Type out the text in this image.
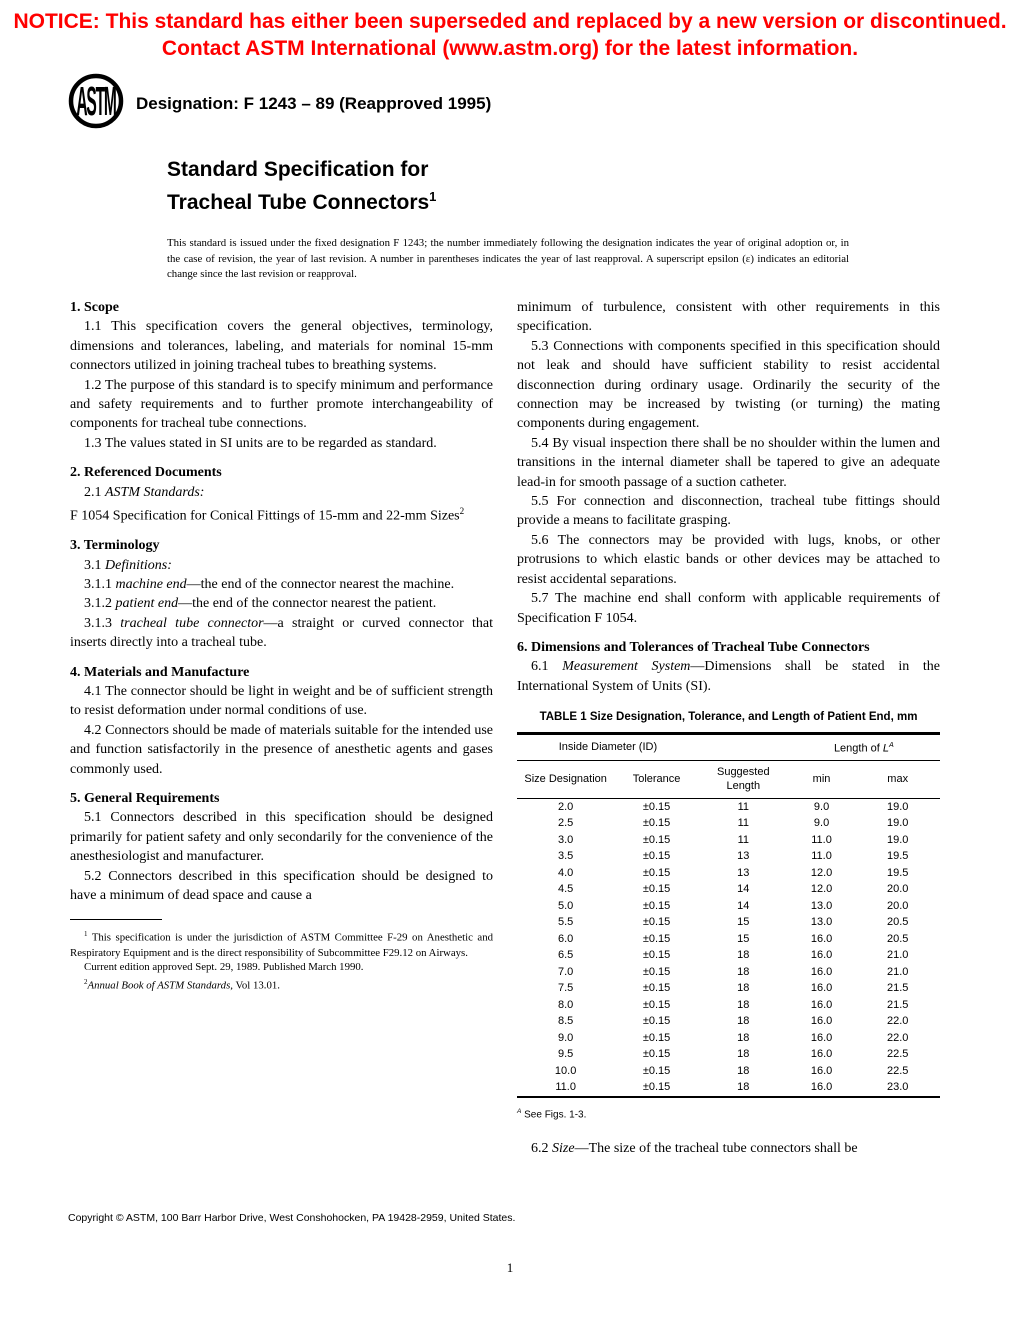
NOTICE: This standard has either been superseded and replaced by a new version or discontinued.
Contact ASTM International (www.astm.org) for the latest information.
ASTM Designation: F 1243 – 89 (Reapproved 1995)
Standard Specification for
Tracheal Tube Connectors$^1$

This standard is issued under the fixed designation F 1243; the number immediately following the designation indicates the year of original adoption or, in the case of revision, the year of last revision. A number in parentheses indicates the year of last reapproval. A superscript epsilon (ε) indicates an editorial change since the last revision or reapproval.

1. Scope

1.1 This specification covers the general objectives, terminology, dimensions and tolerances, labeling, and materials for nominal 15-mm connectors utilized in joining tracheal tubes to breathing systems.

1.2 The purpose of this standard is to specify minimum and performance and safety requirements and to further promote interchangeability of components for tracheal tube connections.

1.3 The values stated in SI units are to be regarded as standard.

2. Referenced Documents

2.1 ASTM Standards:

F 1054 Specification for Conical Fittings of 15-mm and 22-mm Sizes$^2$

3. Terminology

3.1 Definitions:

3.1.1 machine end—the end of the connector nearest the machine.

3.1.2 patient end—the end of the connector nearest the patient.

3.1.3 tracheal tube connector—a straight or curved connector that inserts directly into a tracheal tube.

4. Materials and Manufacture

4.1 The connector should be light in weight and be of sufficient strength to resist deformation under normal conditions of use.

4.2 Connectors should be made of materials suitable for the intended use and function satisfactorily in the presence of anesthetic agents and gases commonly used.

5. General Requirements

5.1 Connectors described in this specification should be designed primarily for patient safety and only secondarily for the convenience of the anesthesiologist and manufacturer.

5.2 Connectors described in this specification should be designed to have a minimum of dead space and cause a

$^1$ This specification is under the jurisdiction of ASTM Committee F-29 on Anesthetic and Respiratory Equipment and is the direct responsibility of Subcommittee F29.12 on Airways.

Current edition approved Sept. 29, 1989. Published March 1990.

$^2$Annual Book of ASTM Standards, Vol 13.01.

minimum of turbulence, consistent with other requirements in this specification.

5.3 Connections with components specified in this specification should not leak and should have sufficient stability to resist accidental disconnection during ordinary usage. Ordinarily the security of the connection may be increased by twisting (or turning) the mating components during engagement.

5.4 By visual inspection there shall be no shoulder within the lumen and transitions in the internal diameter shall be tapered to give an adequate lead-in for smooth passage of a suction catheter.

5.5 For connection and disconnection, tracheal tube fittings should provide a means to facilitate grasping.

5.6 The connectors may be provided with lugs, knobs, or other protrusions to which elastic bands or other devices may be attached to resist accidental separations.

5.7 The machine end shall conform with applicable requirements of Specification F 1054.

6. Dimensions and Tolerances of Tracheal Tube Connectors

6.1 Measurement System—Dimensions shall be stated in the International System of Units (SI).

TABLE 1 Size Designation, Tolerance, and Length of Patient End, mm
Inside Diameter (ID)			Length of $L^A$
Size Designation	Tolerance	Suggested Length	min	max
2.0	±0.15	11	9.0	19.0
2.5	±0.15	11	9.0	19.0
3.0	±0.15	11	11.0	19.0
3.5	±0.15	13	11.0	19.5
4.0	±0.15	13	12.0	19.5
4.5	±0.15	14	12.0	20.0
5.0	±0.15	14	13.0	20.0
5.5	±0.15	15	13.0	20.5
6.0	±0.15	15	16.0	20.5
6.5	±0.15	18	16.0	21.0
7.0	±0.15	18	16.0	21.0
7.5	±0.15	18	16.0	21.5
8.0	±0.15	18	16.0	21.5
8.5	±0.15	18	16.0	22.0
9.0	±0.15	18	16.0	22.0
9.5	±0.15	18	16.0	22.5
10.0	±0.15	18	16.0	22.5
11.0	±0.15	18	16.0	23.0
$^A$ See Figs. 1-3.

6.2 Size—The size of the tracheal tube connectors shall be

Copyright © ASTM, 100 Barr Harbor Drive, West Conshohocken, PA 19428-2959, United States.
1
